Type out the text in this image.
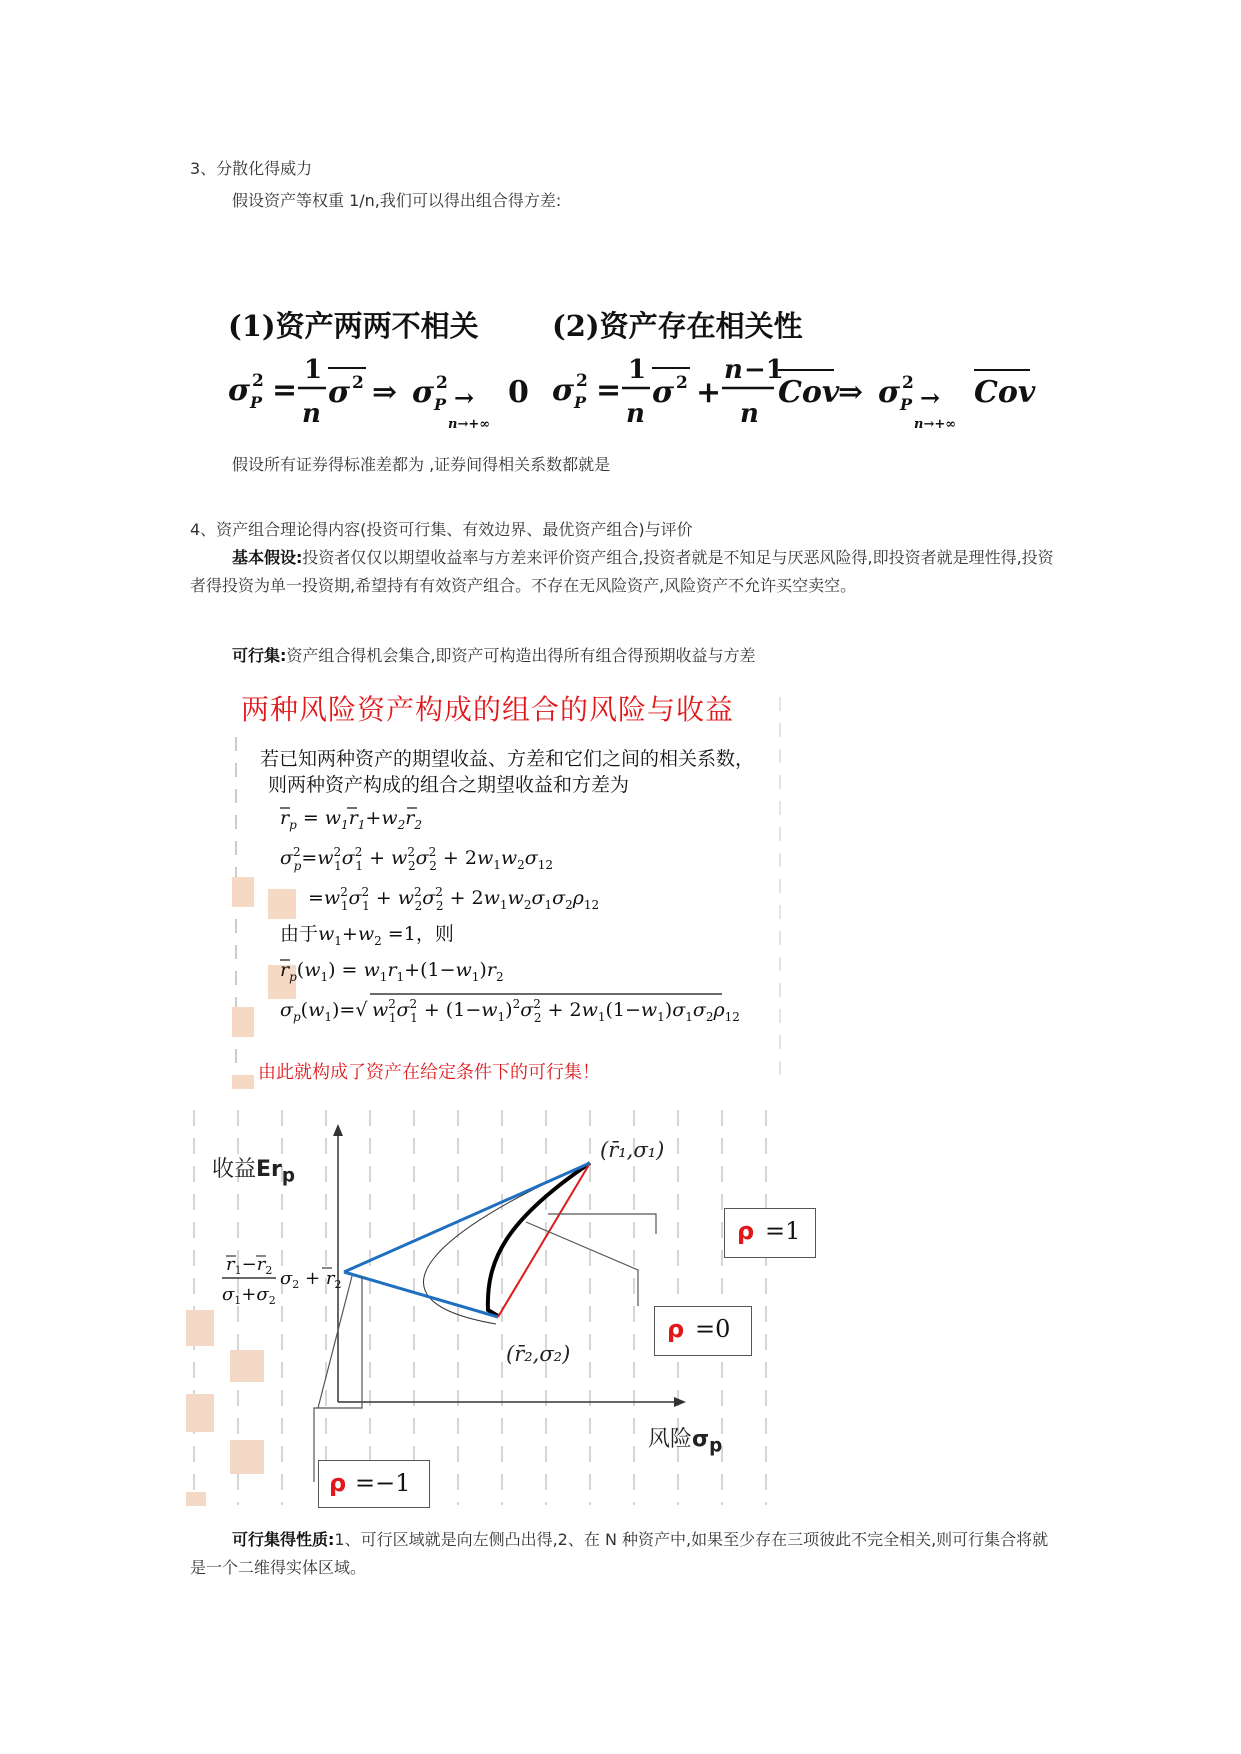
3、分散化得威力
假设资产等权重 1/n,我们可以得出组合得方差:
(1)资产两两不相关	(2)资产存在相关性
σ 2
P =
1
n
σ 2 ⇒ σ 2
P →
n→+∞
0 σ 2
P =
1
n
σ 2 +
n −1
n
Cov
⇒ σ 2
P →
n→+∞
Cov
假设所有证券得标准差都为 ,证券间得相关系数都就是
4、资产组合理论得内容(投资可行集、有效边界、最优资产组合)与评价
基本假设:投资者仅仅以期望收益率与方差来评价资产组合,投资者就是不知足与厌恶风险得,即投资者就是理性得,投资者得投资为单一投资期,希望持有有效资产组合。不存在无风险资产,风险资产不允许买空卖空。
可行集:资产组合得机会集合,即资产可构造出得所有组合得预期收益与方差
两种风险资产构成的组合的风险与收益
若已知两种资产的期望收益、方差和它们之间的相关系数，
则两种资产构成的组合之期望收益和方差为
$r_p = w_1r_1+w_2r_2$
$\sigma^2$ $p=w^2$ $1\sigma^2$ $1 + w^2$ $2\sigma^2$ $2 + 2w_1w_2\sigma_{12}$
$=w^2$ $1\sigma^2$ $1 + w^2$ $2\sigma^2$ $2 + 2w_1w_2\sigma_1\sigma_2\rho_{12}$
由于$w_1+w_2 =1$，则
$r_p(w_1) = w_1r_1+(1-w_1)r_2$
$\sigma_p(w_1)=√$ $w^2$ $1\sigma^2$ $1 + (1-w_1)^2\sigma^2$ $2 + 2w_1(1-w_1)\sigma_1\sigma_2\rho_{12}$
由此就构成了资产在给定条件下的可行集！
$r_1-r_2$
$\sigma_1+\sigma_2$
$\sigma_2 + r_2$
收益$Er_p$
风险$\sigma_p$
(r̄₁,σ₁)
(r̄₂,σ₂)
ρ =1
ρ =0
ρ =−1
可行集得性质:1、可行区域就是向左侧凸出得,2、在 N 种资产中,如果至少存在三项彼此不完全相关,则可行集合将就是一个二维得实体区域。
